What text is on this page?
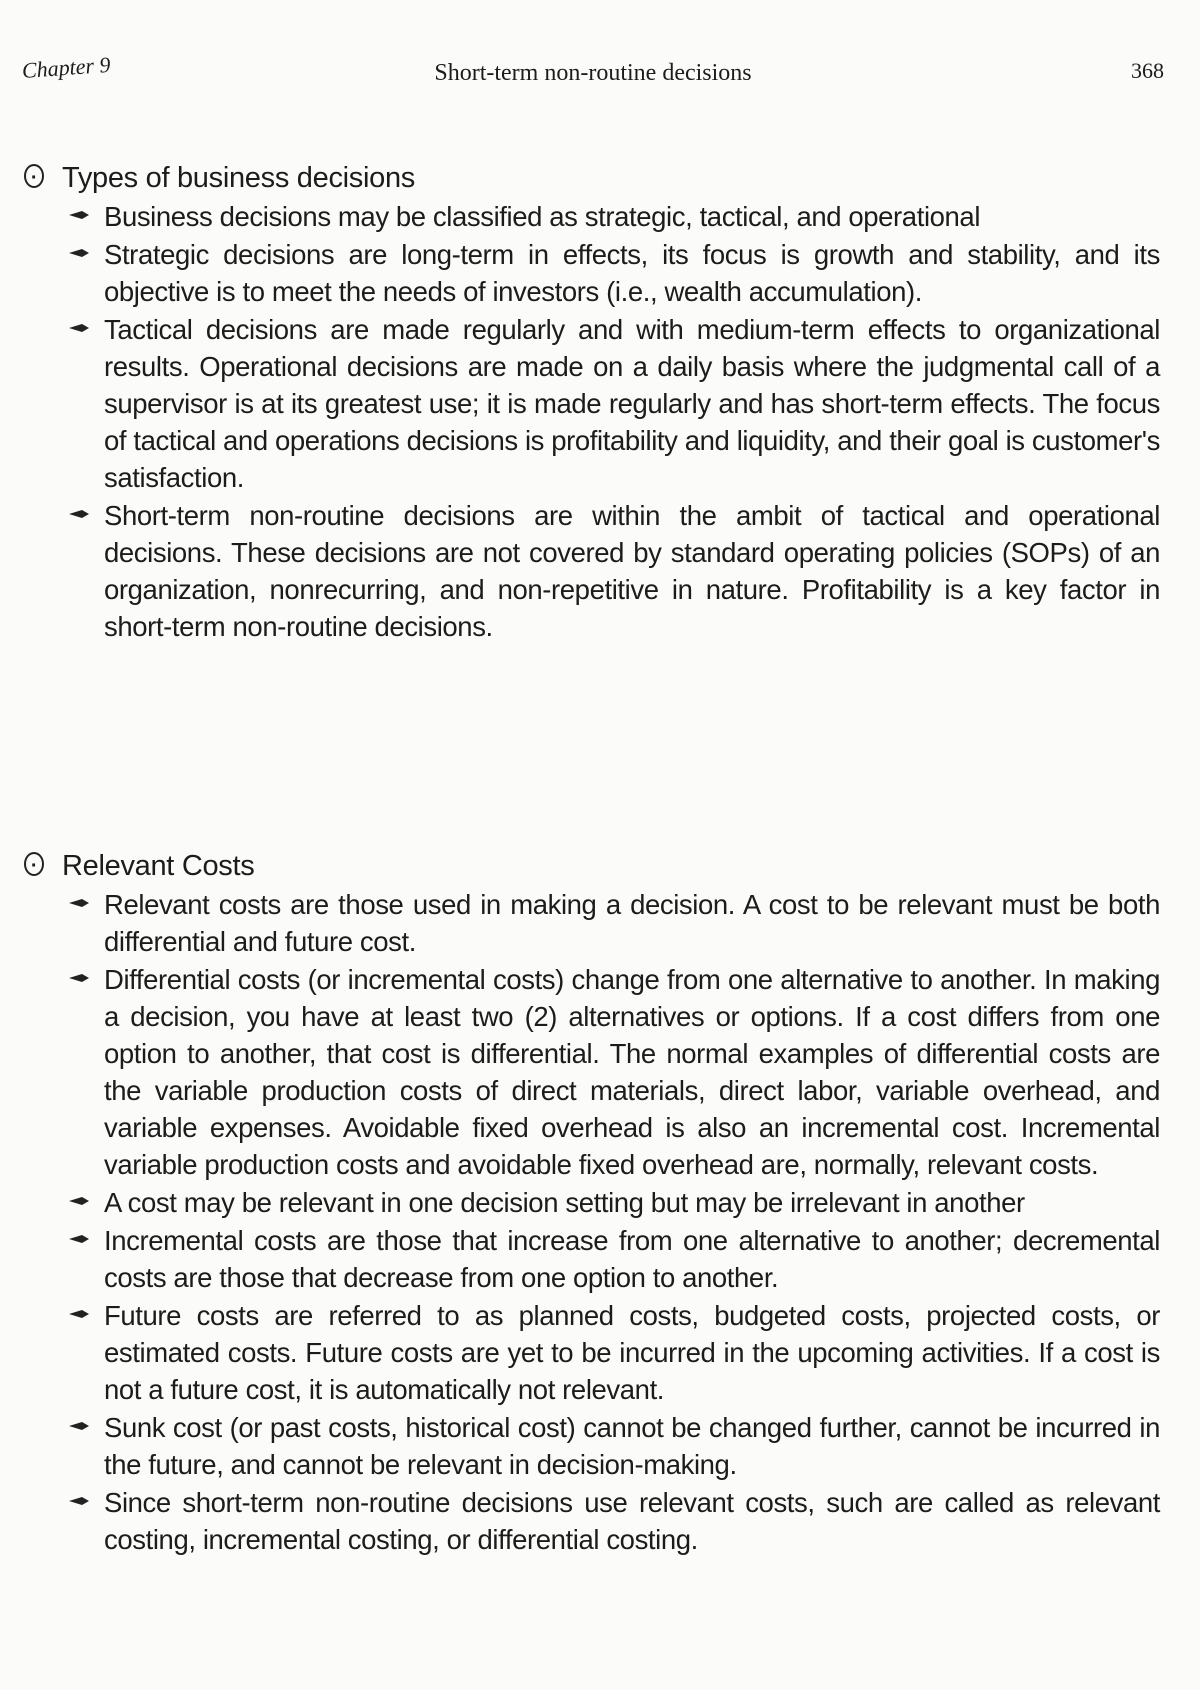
Chapter 9	Short-term non-routine decisions	368
· Types of business decisions
Business decisions may be classified as strategic, tactical, and operational
Strategic decisions are long-term in effects, its focus is growth and stability, and its objective is to meet the needs of investors (i.e., wealth accumulation).
Tactical decisions are made regularly and with medium-term effects to organizational results. Operational decisions are made on a daily basis where the judgmental call of a supervisor is at its greatest use; it is made regularly and has short-term effects. The focus of tactical and operations decisions is profitability and liquidity, and their goal is customer's satisfaction.
Short-term non-routine decisions are within the ambit of tactical and operational decisions. These decisions are not covered by standard operating policies (SOPs) of an organization, nonrecurring, and non-repetitive in nature. Profitability is a key factor in short-term non-routine decisions.
· Relevant Costs
Relevant costs are those used in making a decision. A cost to be relevant must be both differential and future cost.
Differential costs (or incremental costs) change from one alternative to another. In making a decision, you have at least two (2) alternatives or options. If a cost differs from one option to another, that cost is differential. The normal examples of differential costs are the variable production costs of direct materials, direct labor, variable overhead, and variable expenses. Avoidable fixed overhead is also an incremental cost. Incremental variable production costs and avoidable fixed overhead are, normally, relevant costs.
A cost may be relevant in one decision setting but may be irrelevant in another
Incremental costs are those that increase from one alternative to another; decremental costs are those that decrease from one option to another.
Future costs are referred to as planned costs, budgeted costs, projected costs, or estimated costs. Future costs are yet to be incurred in the upcoming activities. If a cost is not a future cost, it is automatically not relevant.
Sunk cost (or past costs, historical cost) cannot be changed further, cannot be incurred in the future, and cannot be relevant in decision-making.
Since short-term non-routine decisions use relevant costs, such are called as relevant costing, incremental costing, or differential costing.
